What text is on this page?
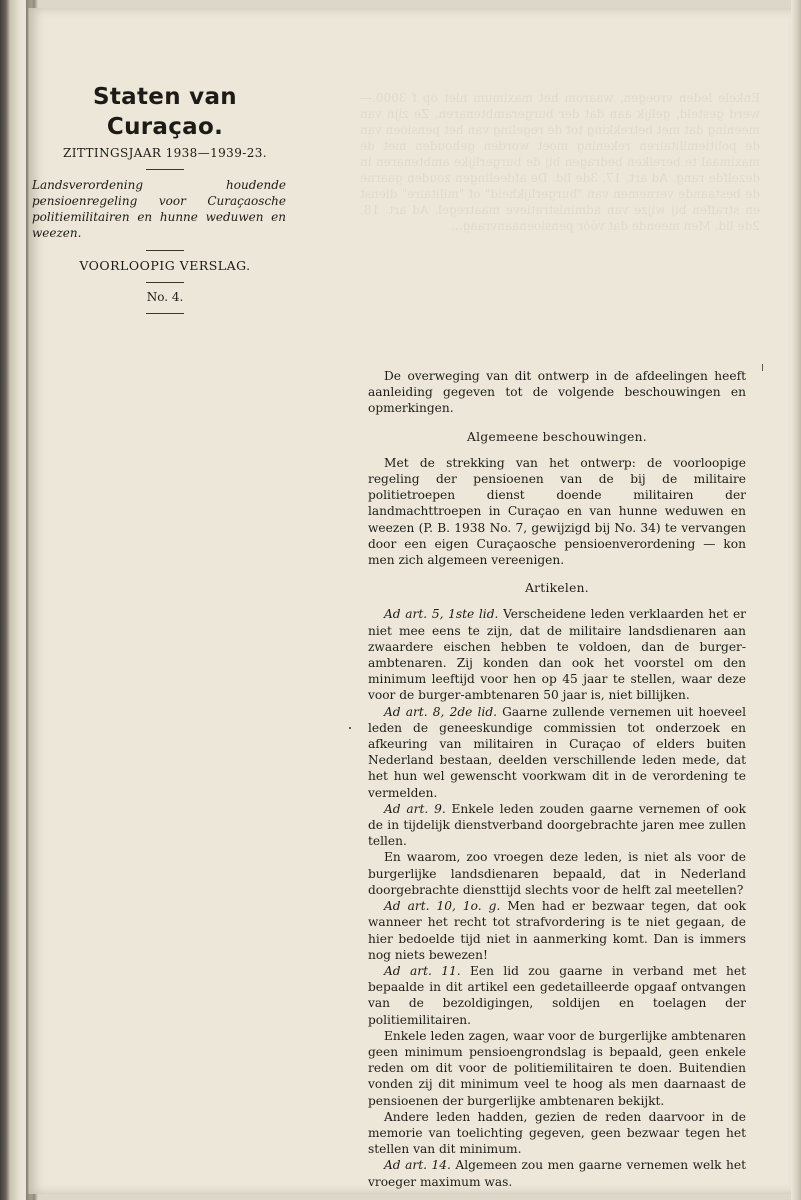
Enkele leden vroegen, waarom het maximum niet op f 3000.— werd gesteld, gelijk aan dat der burgerambtenaren. Ze zijn van meening dat met betrekking tot de regeling van het pensioen van de politiemilitairen rekening moet worden gehouden met de maximaal te bereiken bedragen bij de burgerlijke ambtenaren in dezelfde rang. Ad art. 17, 3de lid. De afdeelingen zouden gaarne de bestaande vernemen van "burgerlijkheid" of "militaire" dienst en straffen bij wijze van administratieve maatregel. Ad art. 18, 2de lid. Men meende dat vóór pensioenaanvraag...
Staten van Curaçao.
ZITTINGSJAAR 1938—1939-23.
Landsverordening houdende pensioenregeling voor Curaçaosche politiemilitairen en hunne weduwen en weezen.
VOORLOOPIG VERSLAG.
No. 4.

De overweging van dit ontwerp in de afdeelingen heeft aanleiding gegeven tot de volgende beschouwingen en opmerkingen.

Algemeene beschouwingen.

Met de strekking van het ontwerp: de voorloopige regeling der pensioenen van de bij de militaire politietroepen dienst doende militairen der landmachttroepen in Curaçao en van hunne weduwen en weezen (P. B. 1938 No. 7, gewijzigd bij No. 34) te vervangen door een eigen Curaçaosche pensioenverordening — kon men zich algemeen vereenigen.

Artikelen.

Ad art. 5, 1ste lid. Verscheidene leden verklaarden het er niet mee eens te zijn, dat de militaire landsdienaren aan zwaardere eischen hebben te voldoen, dan de burger-ambtenaren. Zij konden dan ook het voorstel om den minimum leeftijd voor hen op 45 jaar te stellen, waar deze voor de burger-ambtenaren 50 jaar is, niet billijken.

Ad art. 8, 2de lid. Gaarne zullende vernemen uit hoeveel leden de geneeskundige commissien tot onderzoek en afkeuring van militairen in Curaçao of elders buiten Nederland bestaan, deelden verschillende leden mede, dat het hun wel gewenscht voorkwam dit in de verordening te vermelden.

Ad art. 9. Enkele leden zouden gaarne vernemen of ook de in tijdelijk dienstverband doorgebrachte jaren mee zullen tellen.

En waarom, zoo vroegen deze leden, is niet als voor de burgerlijke landsdienaren bepaald, dat in Nederland doorgebrachte diensttijd slechts voor de helft zal meetellen?

Ad art. 10, 1o. g. Men had er bezwaar tegen, dat ook wanneer het recht tot strafvordering is te niet gegaan, de hier bedoelde tijd niet in aanmerking komt. Dan is immers nog niets bewezen!

Ad art. 11. Een lid zou gaarne in verband met het bepaalde in dit artikel een gedetailleerde opgaaf ontvangen van de bezoldigingen, soldijen en toelagen der politiemilitairen.

Enkele leden zagen, waar voor de burgerlijke ambtenaren geen minimum pensioengrondslag is bepaald, geen enkele reden om dit voor de politiemilitairen te doen. Buitendien vonden zij dit minimum veel te hoog als men daarnaast de pensioenen der burgerlijke ambtenaren bekijkt.

Andere leden hadden, gezien de reden daarvoor in de memorie van toelichting gegeven, geen bezwaar tegen het stellen van dit minimum.

Ad art. 14. Algemeen zou men gaarne vernemen welk het vroeger maximum was.
